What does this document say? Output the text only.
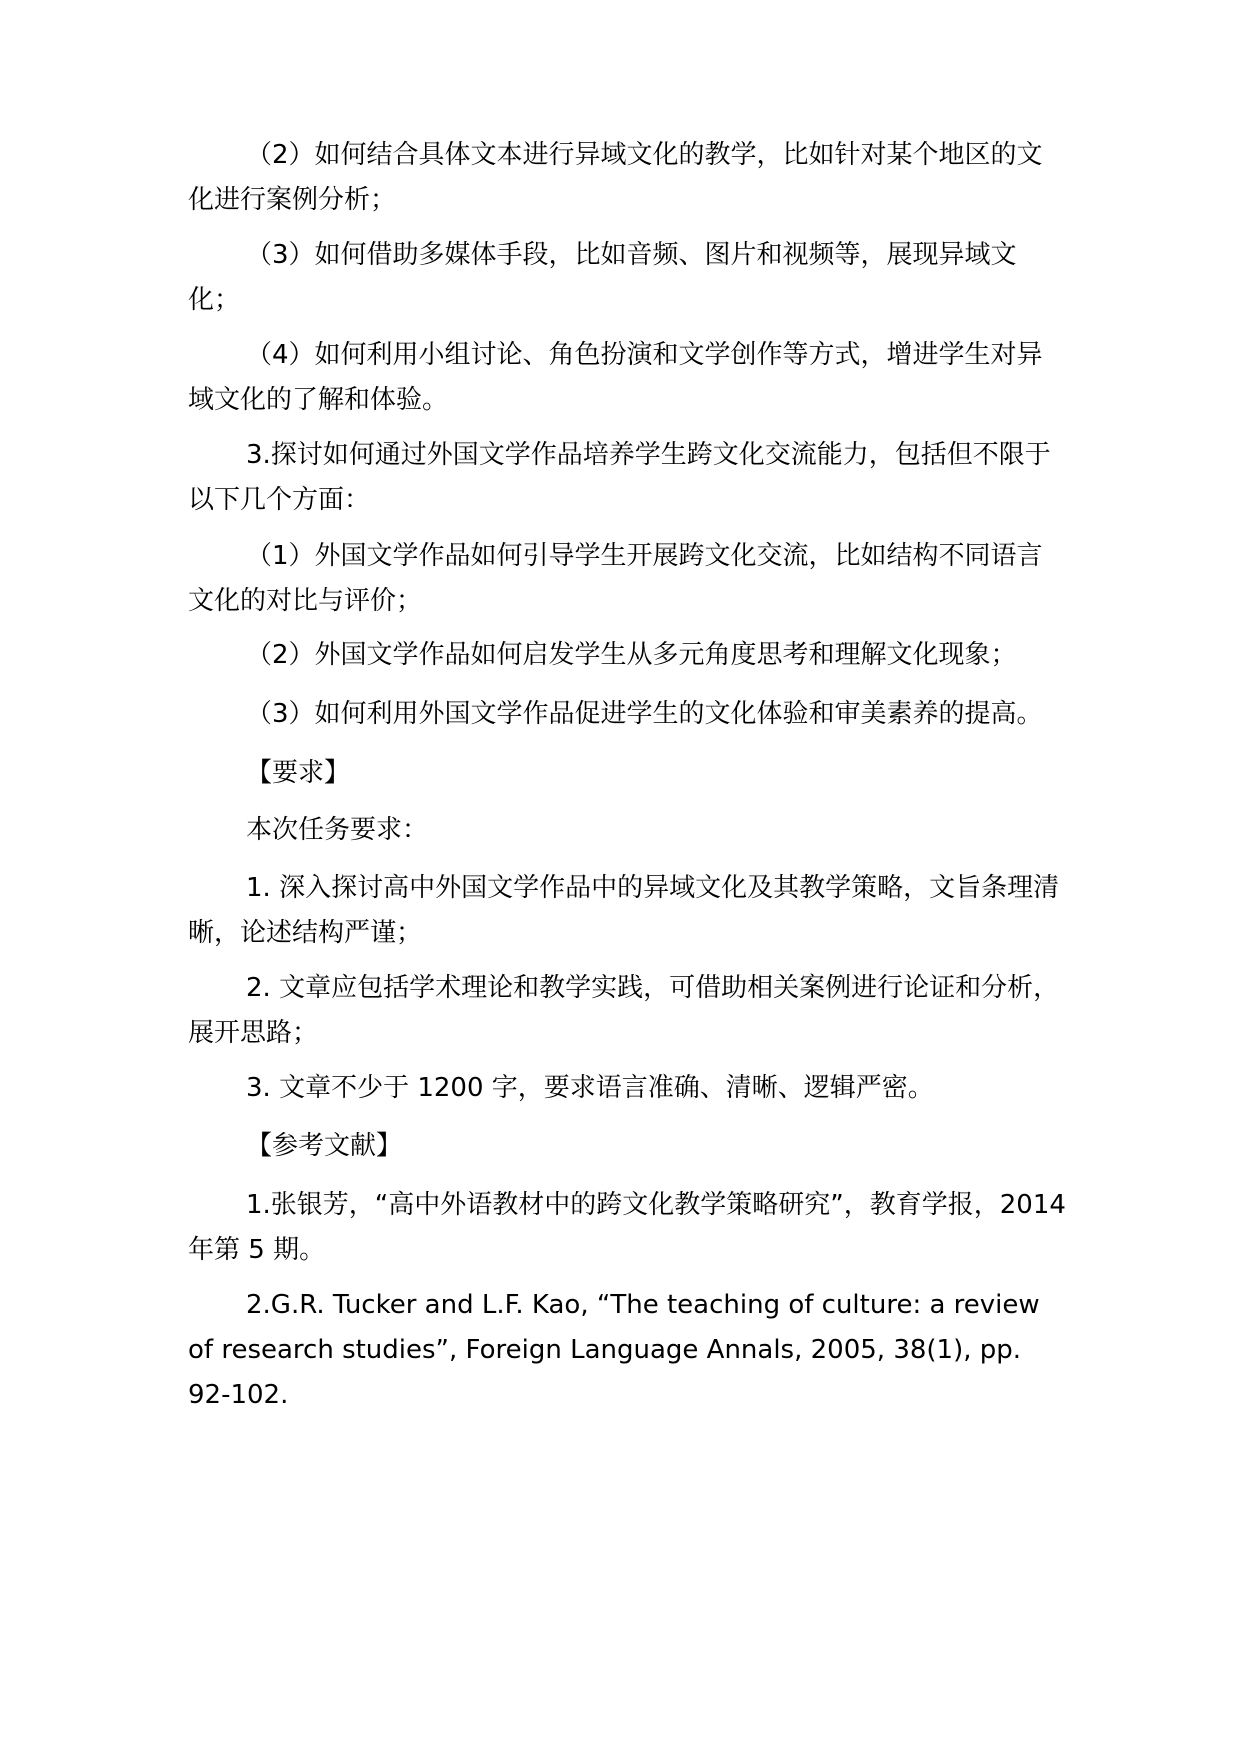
（2）如何结合具体文本进行异域文化的教学，比如针对某个地区的文化进行案例分析；

（3）如何借助多媒体手段，比如音频、图片和视频等，展现异域文化；

（4）如何利用小组讨论、角色扮演和文学创作等方式，增进学生对异域文化的了解和体验。

3.探讨如何通过外国文学作品培养学生跨文化交流能力，包括但不限于以下几个方面：

（1）外国文学作品如何引导学生开展跨文化交流，比如结构不同语言文化的对比与评价；

（2）外国文学作品如何启发学生从多元角度思考和理解文化现象；

（3）如何利用外国文学作品促进学生的文化体验和审美素养的提高。

【要求】

本次任务要求：

1. 深入探讨高中外国文学作品中的异域文化及其教学策略，文旨条理清晰，论述结构严谨；

2. 文章应包括学术理论和教学实践，可借助相关案例进行论证和分析，展开思路；

3. 文章不少于 1200 字，要求语言准确、清晰、逻辑严密。

【参考文献】

1.张银芳，“高中外语教材中的跨文化教学策略研究”，教育学报，2014 年第 5 期。

2.G.R. Tucker and L.F. Kao, “The teaching of culture: a review of research studies”, Foreign Language Annals, 2005, 38(1), pp. 92-102.
